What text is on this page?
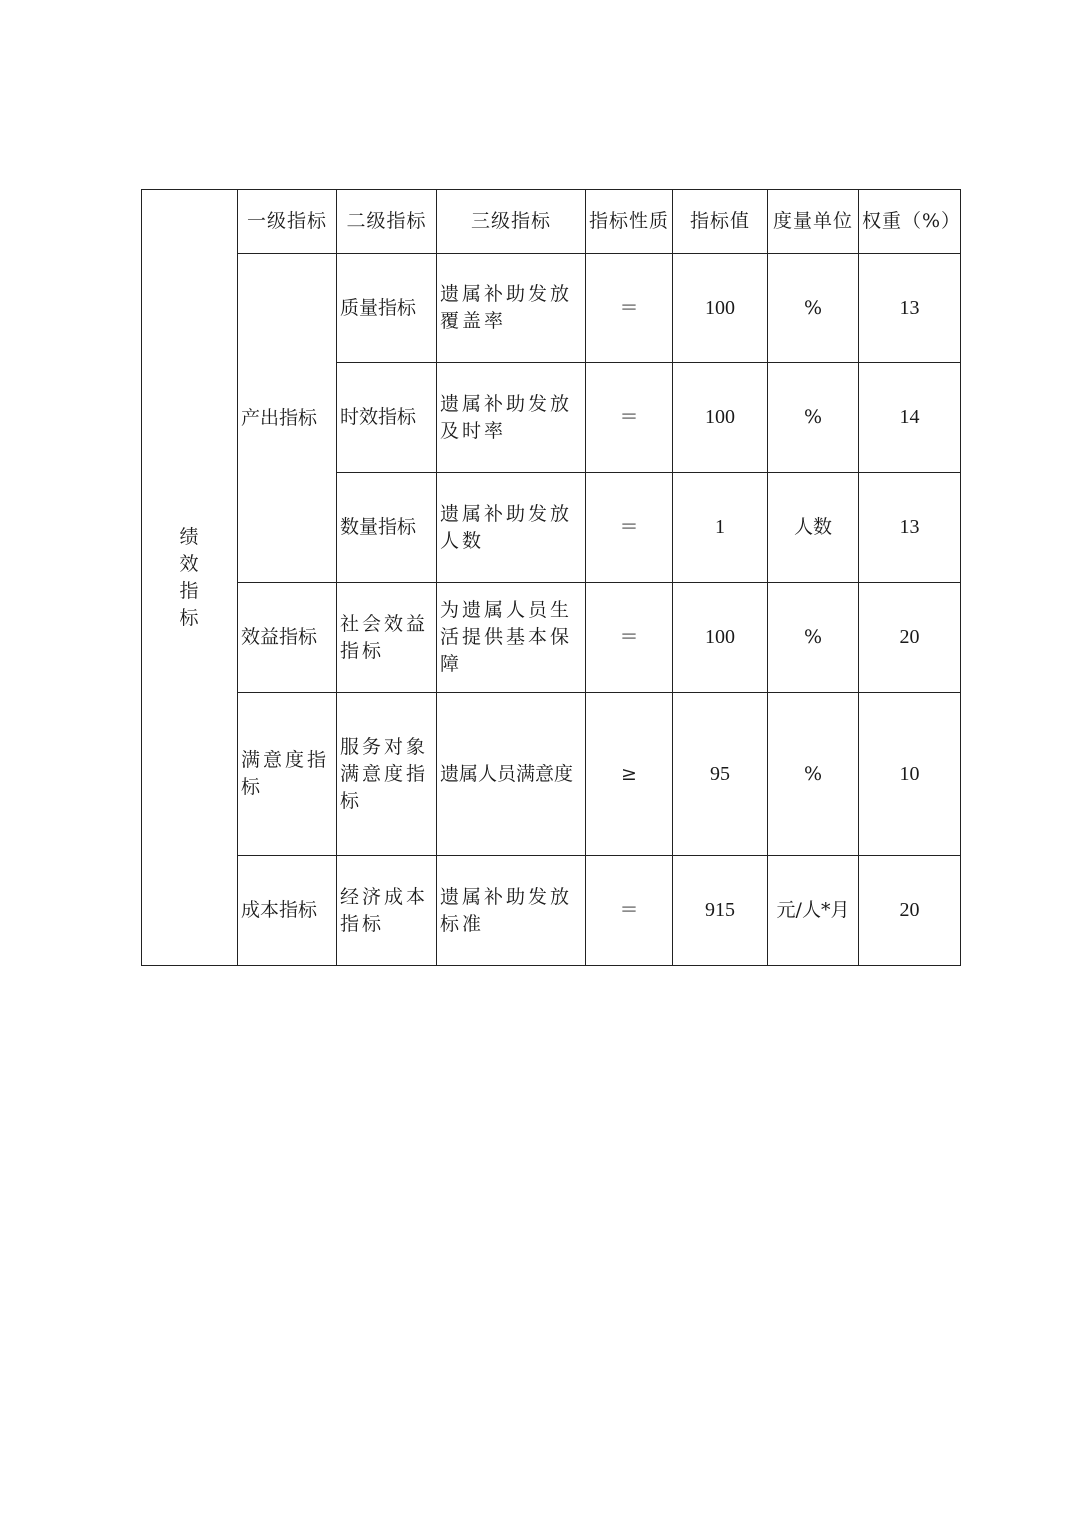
绩
效
指
标	一级指标	二级指标	三级指标	指标性质	指标值	度量单位	权重（%）
	产出指标	质量指标	遗属补助发放覆盖率	＝	100	%	13
		时效指标	遗属补助发放及时率	＝	100	%	14
		数量指标	遗属补助发放人数	＝	1	人数	13
	效益指标	社会效益指标	为遗属人员生活提供基本保障	＝	100	%	20
	满意度指标	服务对象满意度指标	遗属人员满意度	≥	95	%	10
	成本指标	经济成本指标	遗属补助发放标准	＝	915	元/人*月	20
